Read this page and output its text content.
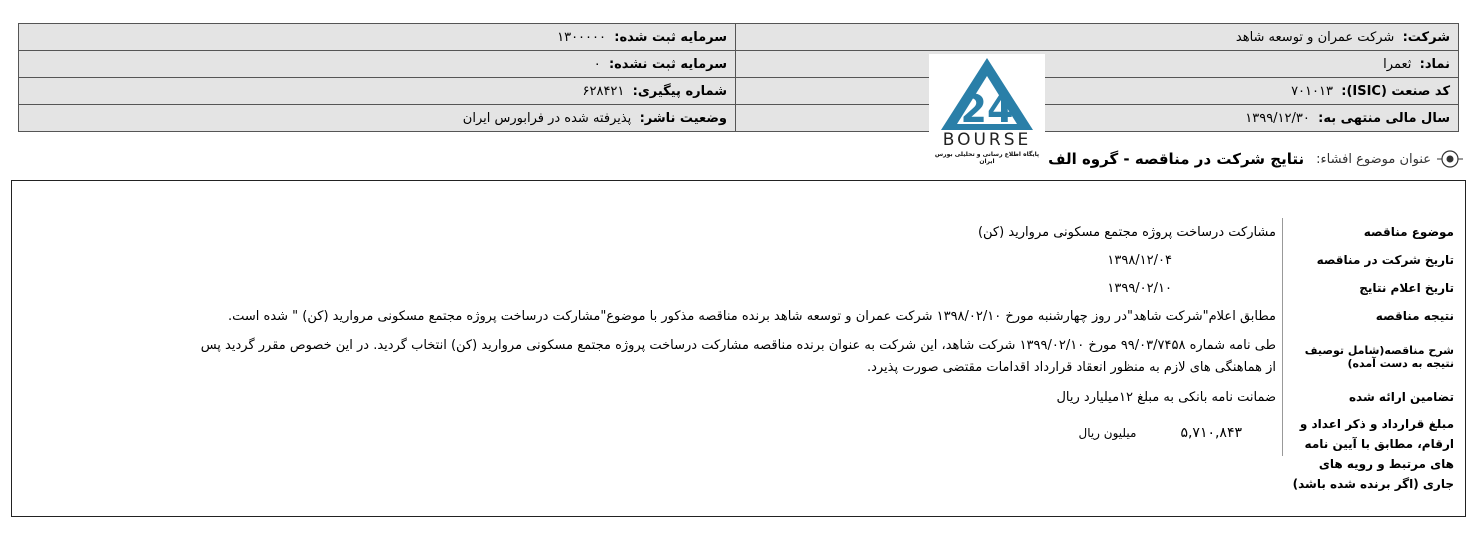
شرکت:  شرکت عمران و توسعه شاهد	سرمایه ثبت شده:  ۱۳۰۰۰۰۰
نماد:  ثعمرا	سرمایه ثبت نشده:  ۰
کد صنعت (ISIC):  ۷۰۱۰۱۳	شماره پیگیری:  ۶۲۸۴۲۱
سال مالی منتهی به:  ۱۳۹۹/۱۲/۳۰	وضعیت ناشر:  پذیرفته شده در فرابورس ایران	24
BOURSE
پایگاه اطلاع رسانی و تحلیلی بورس ایران	عنوان موضوع افشاء:
نتایج شرکت در مناقصه - گروه الف
موضوع مناقصه
مشارکت درساخت پروژه مجتمع مسکونی مروارید (کن)
تاریخ شرکت در مناقصه
۱۳۹۸/۱۲/۰۴
تاریخ اعلام نتایج
۱۳۹۹/۰۲/۱۰
نتیجه مناقصه
مطابق اعلام"شرکت شاهد"در روز چهارشنبه مورخ ۱۳۹۸/۰۲/۱۰ شرکت عمران و توسعه شاهد برنده مناقصه مذکور با موضوع"مشارکت درساخت پروژه مجتمع مسکونی مروارید (کن) " شده است.
شرح مناقصه(شامل توصیف نتیجه به دست آمده)
طی نامه شماره ۹۹/۰۳/۷۴۵۸ مورخ ۱۳۹۹/۰۲/۱۰ شرکت شاهد، این شرکت به عنوان برنده مناقصه مشارکت درساخت پروژه مجتمع مسکونی مروارید (کن) انتخاب گردید. در این خصوص مقرر گردید پس از هماهنگی های لازم به منظور انعقاد قرارداد اقدامات مقتضی صورت پذیرد.
تضامین ارائه شده
ضمانت نامه بانکی به مبلغ ۱۲میلیارد ریال
مبلغ قرارداد و ذکر اعداد و ارقام، مطابق با آیین نامه های مرتبط و رویه های جاری (اگر برنده شده باشد)
۵,۷۱۰,۸۴۳
میلیون ریال
